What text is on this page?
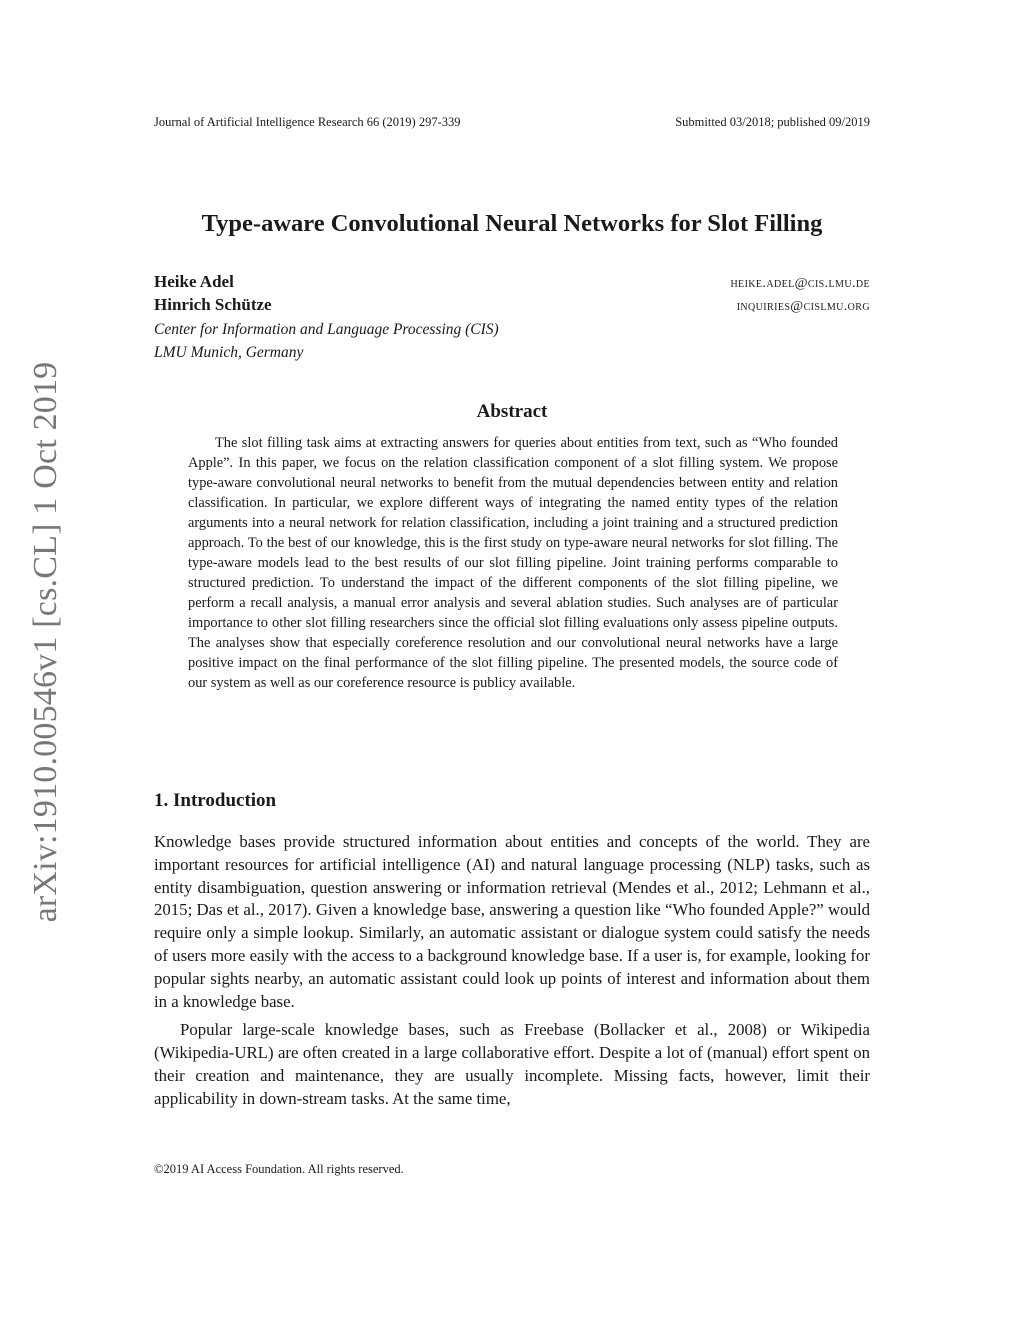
arXiv:1910.00546v1 [cs.CL] 1 Oct 2019
Journal of Artificial Intelligence Research 66 (2019) 297-339	Submitted 03/2018; published 09/2019
Type-aware Convolutional Neural Networks for Slot Filling
Heike Adel	heike.adel@cis.lmu.de
Hinrich Schütze	inquiries@cislmu.org
Center for Information and Language Processing (CIS)
LMU Munich, Germany
Abstract

The slot filling task aims at extracting answers for queries about entities from text, such as “Who founded Apple”. In this paper, we focus on the relation classification component of a slot filling system. We propose type-aware convolutional neural networks to benefit from the mutual dependencies between entity and relation classification. In particular, we explore different ways of integrating the named entity types of the relation arguments into a neural network for relation classification, including a joint training and a structured prediction approach. To the best of our knowledge, this is the first study on type-aware neural networks for slot filling. The type-aware models lead to the best results of our slot filling pipeline. Joint training performs comparable to structured prediction. To understand the impact of the different components of the slot filling pipeline, we perform a recall analysis, a manual error analysis and several ablation studies. Such analyses are of particular importance to other slot filling researchers since the official slot filling evaluations only assess pipeline outputs. The analyses show that especially coreference resolution and our convolutional neural networks have a large positive impact on the final performance of the slot filling pipeline. The presented models, the source code of our system as well as our coreference resource is publicy available.

1. Introduction

Knowledge bases provide structured information about entities and concepts of the world. They are important resources for artificial intelligence (AI) and natural language processing (NLP) tasks, such as entity disambiguation, question answering or information retrieval (Mendes et al., 2012; Lehmann et al., 2015; Das et al., 2017). Given a knowledge base, answering a question like “Who founded Apple?” would require only a simple lookup. Similarly, an automatic assistant or dialogue system could satisfy the needs of users more easily with the access to a background knowledge base. If a user is, for example, looking for popular sights nearby, an automatic assistant could look up points of interest and information about them in a knowledge base.

Popular large-scale knowledge bases, such as Freebase (Bollacker et al., 2008) or Wikipedia (Wikipedia-URL) are often created in a large collaborative effort. Despite a lot of (manual) effort spent on their creation and maintenance, they are usually incomplete. Missing facts, however, limit their applicability in down-stream tasks. At the same time,

©2019 AI Access Foundation. All rights reserved.
